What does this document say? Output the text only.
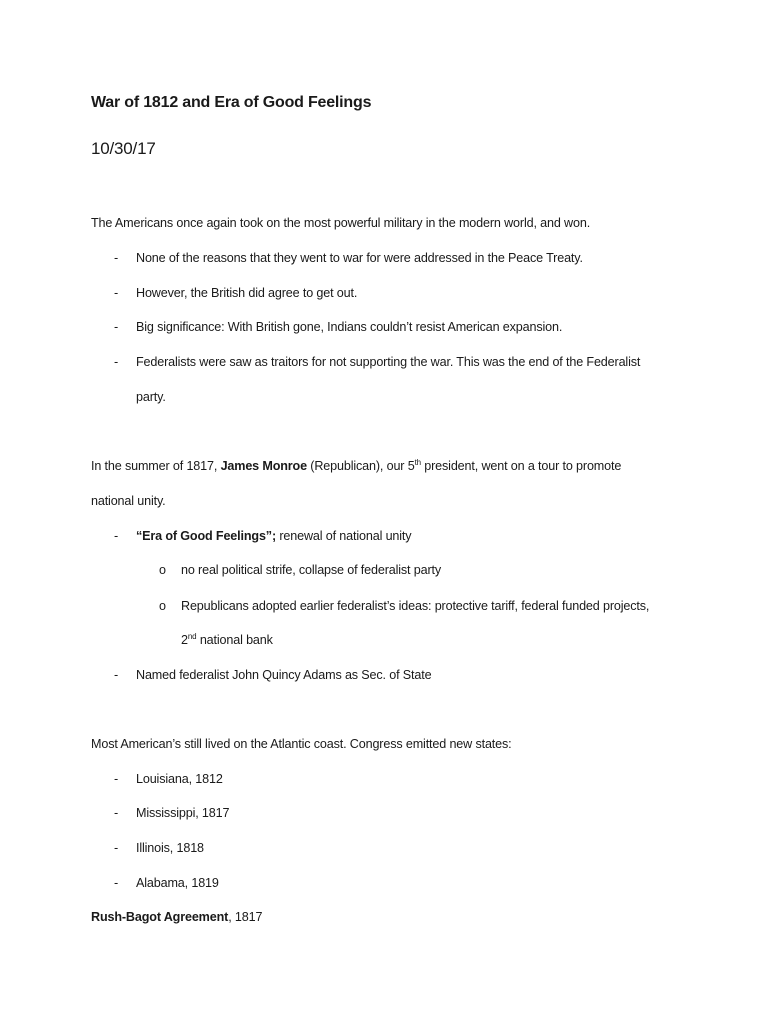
War of 1812 and Era of Good Feelings
10/30/17
The Americans once again took on the most powerful military in the modern world, and won.
- None of the reasons that they went to war for were addressed in the Peace Treaty.
- However, the British did agree to get out.
- Big significance: With British gone, Indians couldn’t resist American expansion.
- Federalists were saw as traitors for not supporting the war. This was the end of the Federalist
party.
In the summer of 1817, James Monroe (Republican), our 5th president, went on a tour to promote
national unity.
- “Era of Good Feelings”; renewal of national unity
o no real political strife, collapse of federalist party
o Republicans adopted earlier federalist’s ideas: protective tariff, federal funded projects,
2nd national bank
- Named federalist John Quincy Adams as Sec. of State
Most American’s still lived on the Atlantic coast. Congress emitted new states:
- Louisiana, 1812
- Mississippi, 1817
- Illinois, 1818
- Alabama, 1819
Rush-Bagot Agreement, 1817
